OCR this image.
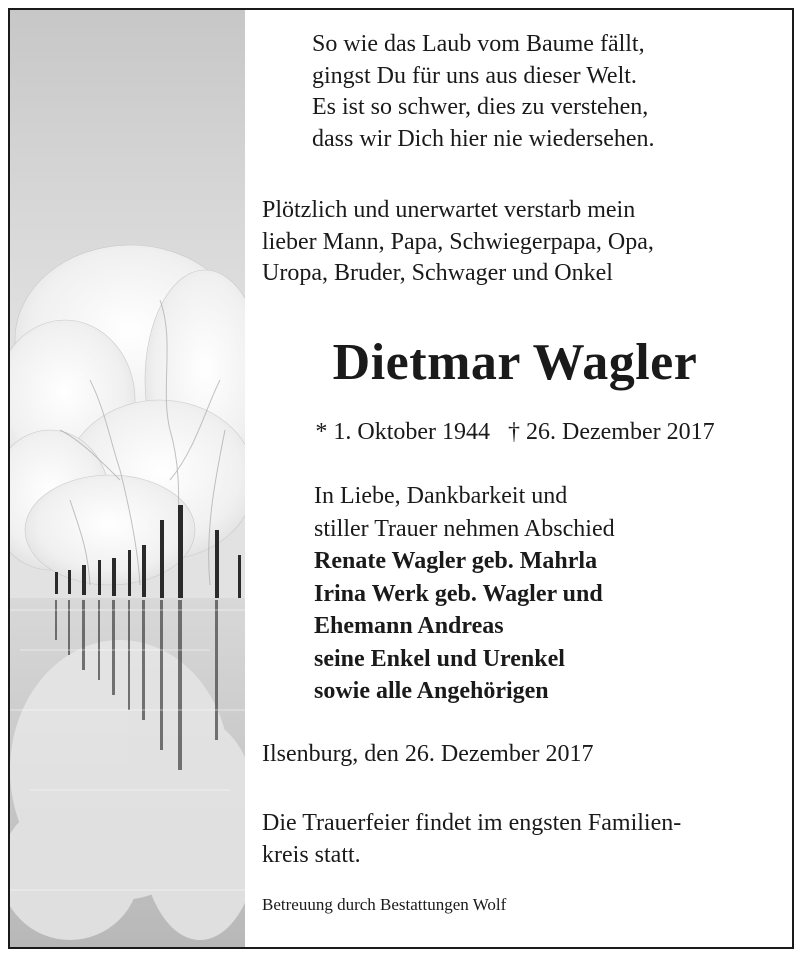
So wie das Laub vom Baume fällt,
gingst Du für uns aus dieser Welt.
Es ist so schwer, dies zu verstehen,
dass wir Dich hier nie wiedersehen.
Plötzlich und unerwartet verstarb mein
lieber Mann, Papa, Schwiegerpapa, Opa,
Uropa, Bruder, Schwager und Onkel
Dietmar Wagler
* 1. Oktober 1944 † 26. Dezember 2017
In Liebe, Dankbarkeit und
stiller Trauer nehmen Abschied
Renate Wagler geb. Mahrla
Irina Werk geb. Wagler und
Ehemann Andreas
seine Enkel und Urenkel
sowie alle Angehörigen
Ilsenburg, den 26. Dezember 2017
Die Trauerfeier findet im engsten Familien-
kreis statt.
Betreuung durch Bestattungen Wolf
